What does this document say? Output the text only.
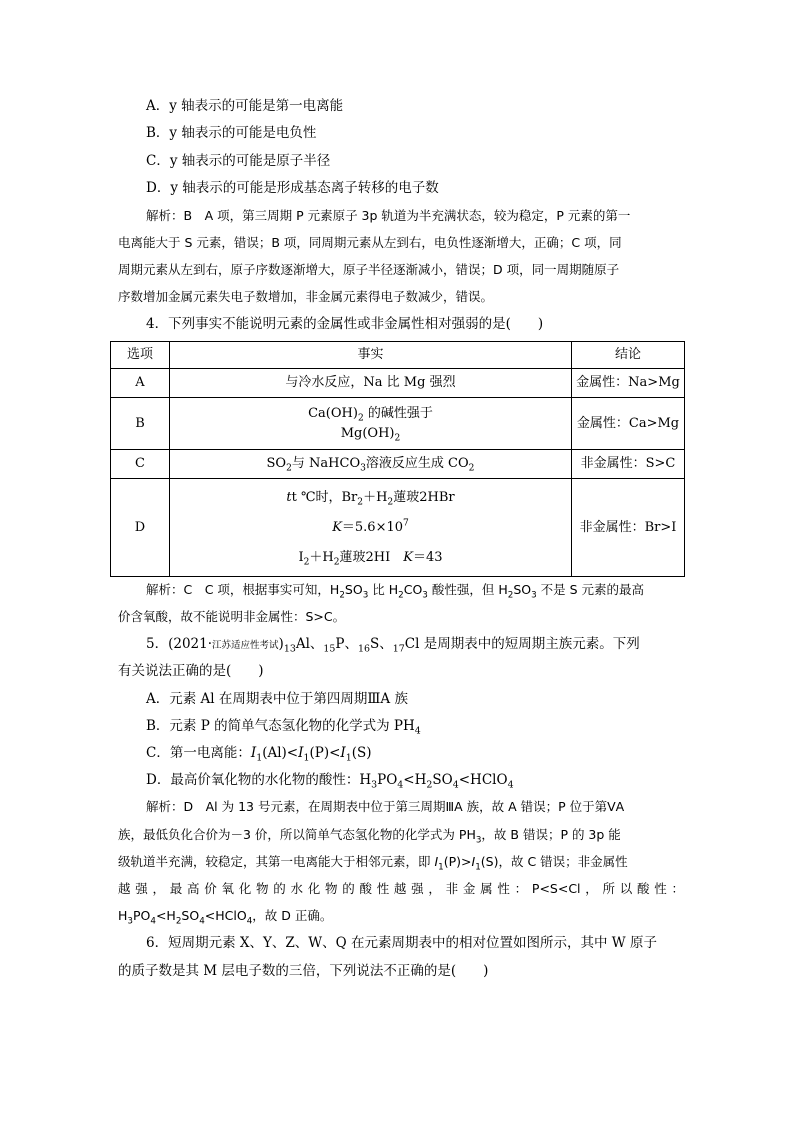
A．y 轴表示的可能是第一电离能
B．y 轴表示的可能是电负性
C．y 轴表示的可能是原子半径
D．y 轴表示的可能是形成基态离子转移的电子数
解析：B　A 项，第三周期 P 元素原子 3p 轨道为半充满状态，较为稳定，P 元素的第一
电离能大于 S 元素，错误；B 项，同周期元素从左到右，电负性逐渐增大，正确；C 项，同
周期元素从左到右，原子序数逐渐增大，原子半径逐渐减小，错误；D 项，同一周期随原子
序数增加金属元素失电子数增加，非金属元素得电子数减少，错误。
4．下列事实不能说明元素的金属性或非金属性相对强弱的是(　　)
选项	事实	结论
A	与冷水反应，Na 比 Mg 强烈	金属性：Na>Mg
B	$Ca(OH)_2$ 的碱性强于
$Mg(OH)_2$	金属性：Ca>Mg
C	$SO_2$与 NaHCO$_3$溶液反应生成 $CO_2$	非金属性：S>C
D	tt ℃时，$Br_2+H_2$蓮玻2HBr
$K=5.6\times 10^7$
$I_2+H_2$蓮玻2HI　K＝43	非金属性：Br>I
解析：C　C 项，根据事实可知，$H_2SO_3$ 比 $H_2CO_3$ 酸性强，但 $H_2SO_3$ 不是 S 元素的最高
价含氧酸，故不能说明非金属性：S>C。
5．(2021·江苏适应性考试)$_{13}Al$、$_{15}$P、$_{16}$S、$_{17}$Cl 是周期表中的短周期主族元素。下列
有关说法正确的是(　　)
A．元素 Al 在周期表中位于第四周期ⅢA 族
B．元素 P 的简单气态氢化物的化学式为 $PH_4$
C．第一电离能：$I_1(Al)<I_1(P)<I_1(S)$
D．最高价氧化物的水化物的酸性：$H_3PO_4<H_2SO_4<HClO_4$
解析：D　Al 为 13 号元素，在周期表中位于第三周期ⅢA 族，故 A 错误；P 位于第ⅤA
族，最低负化合价为－3 价，所以简单气态氢化物的化学式为 $PH_3$，故 B 错误；P 的 3p 能
级轨道半充满，较稳定，其第一电离能大于相邻元素，即 $I_1(P)>I_1(S)$，故 C 错误；非金属性
越强，最高价氧化物的水化物的酸性越强，非金属性：P<S<Cl，所以酸性：
$H_3PO_4<H_2SO_4<HClO_4$，故 D 正确。
6．短周期元素 X、Y、Z、W、Q 在元素周期表中的相对位置如图所示，其中 W 原子
的质子数是其 M 层电子数的三倍，下列说法不正确的是(　　)
